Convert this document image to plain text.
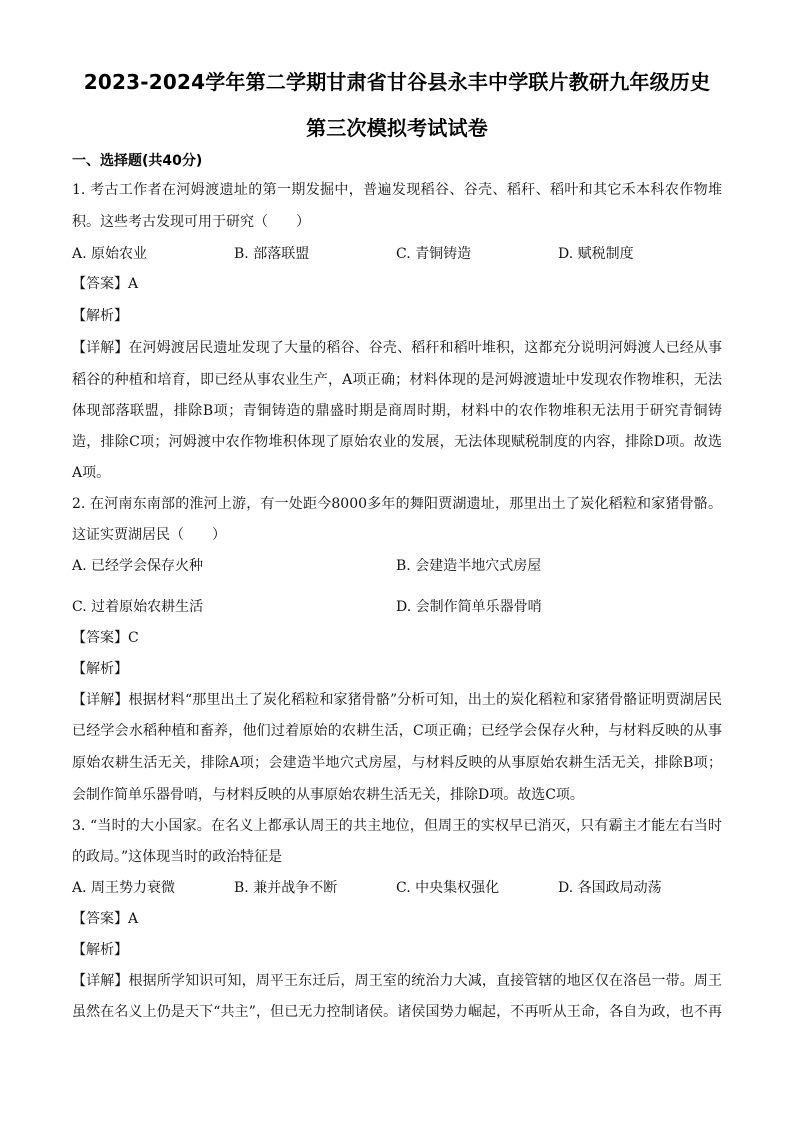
2023-2024学年第二学期甘肃省甘谷县永丰中学联片教研九年级历史
第三次模拟考试试卷
一、选择题(共40分)
1. 考古工作者在河姆渡遗址的第一期发掘中，普遍发现稻谷、谷壳、稻秆、稻叶和其它禾本科农作物堆
积。这些考古发现可用于研究（　　）
A. 原始农业	B. 部落联盟	C. 青铜铸造	D. 赋税制度
【答案】A
【解析】
【详解】在河姆渡居民遗址发现了大量的稻谷、谷壳、稻秆和稻叶堆积，这都充分说明河姆渡人已经从事
稻谷的种植和培育，即已经从事农业生产，A项正确；材料体现的是河姆渡遗址中发现农作物堆积，无法
体现部落联盟，排除B项；青铜铸造的鼎盛时期是商周时期，材料中的农作物堆积无法用于研究青铜铸
造，排除C项；河姆渡中农作物堆积体现了原始农业的发展，无法体现赋税制度的内容，排除D项。故选
A项。
2. 在河南东南部的淮河上游，有一处距今8000多年的舞阳贾湖遗址，那里出土了炭化稻粒和家猪骨骼。
这证实贾湖居民（　　）
A. 已经学会保存火种	B. 会建造半地穴式房屋
C. 过着原始农耕生活	D. 会制作简单乐器骨哨
【答案】C
【解析】
【详解】根据材料“那里出土了炭化稻粒和家猪骨骼”分析可知，出土的炭化稻粒和家猪骨骼证明贾湖居民
已经学会水稻种植和畜养，他们过着原始的农耕生活，C项正确；已经学会保存火种，与材料反映的从事
原始农耕生活无关，排除A项；会建造半地穴式房屋，与材料反映的从事原始农耕生活无关，排除B项；
会制作简单乐器骨哨，与材料反映的从事原始农耕生活无关，排除D项。故选C项。
3. “当时的大小国家。在名义上都承认周王的共主地位，但周王的实权早已消灭，只有霸主才能左右当时
的政局。”这体现当时的政治特征是
A. 周王势力衰微	B. 兼并战争不断	C. 中央集权强化	D. 各国政局动荡
【答案】A
【解析】
【详解】根据所学知识可知，周平王东迁后，周王室的统治力大减，直接管辖的地区仅在洛邑一带。周王
虽然在名义上仍是天下“共主”，但已无力控制诸侯。诸侯国势力崛起，不再听从王命，各自为政，也不再
